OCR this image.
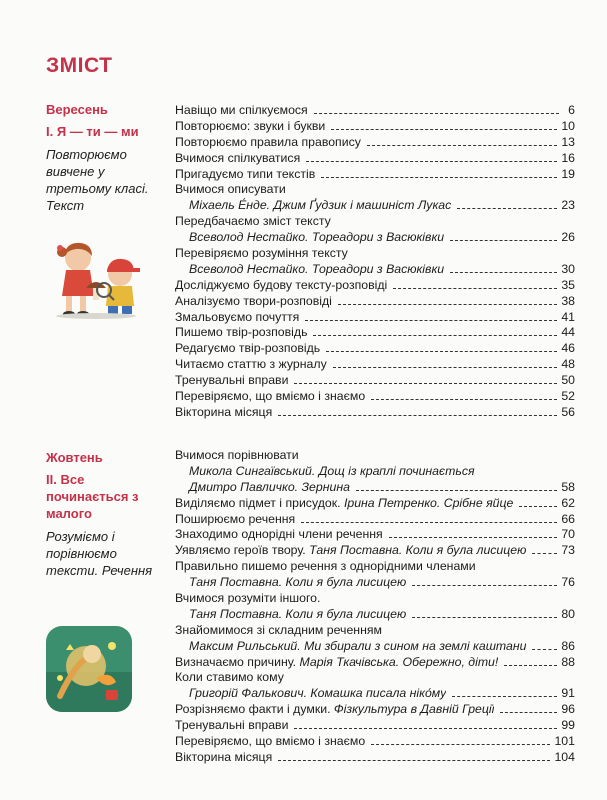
ЗМІСТ
Вересень
І. Я — ти — ми
Повторюємо вивчене у третьому класі. Текст
Навіщо ми спілкуємося	6
Повторюємо: звуки і букви	10
Повторюємо правила правопису	13
Вчимося спілкуватися	16
Пригадуємо типи текстів	19
Вчимося описувати
Міхаель Е́нде. Джим Ґудзик і машиніст Лукас	23
Передбачаємо зміст тексту
Всеволод Нестайко. Тореадори з Васюківки	26
Перевіряємо розуміння тексту
Всеволод Нестайко. Тореадори з Васюківки	30
Досліджуємо будову тексту-розповіді	35
Аналізуємо твори-розповіді	38
Змальовуємо почуття	41
Пишемо твір-розповідь	44
Редагуємо твір-розповідь	46
Читаємо статтю з журналу	48
Тренувальні вправи	50
Перевіряємо, що вміємо і знаємо	52
Вікторина місяця	56
Жовтень
ІІ. Все починається з малого
Розуміємо і порівнюємо тексти. Речення
Вчимося порівнювати
Микола Сингаївський. Дощ із краплі починається
Дмитро Павличко. Зернина	58
Виділяємо підмет і присудок. Ірина Петренко. Срібне яйце	62
Поширюємо речення	66
Знаходимо однорідні члени речення	70
Уявляємо героїв твору. Таня Поставна. Коли я була лисицею	73
Правильно пишемо речення з однорідними членами
Таня Поставна. Коли я була лисицею	76
Вчимося розуміти іншого.
Таня Поставна. Коли я була лисицею	80
Знайомимося зі складним реченням
Максим Рильський. Ми збирали з сином на землі каштани	86
Визначаємо причину. Марія Ткачівська. Обережно, діти!	88
Коли ставимо кому
Григорій Фалькович. Комашка писала ніко́му	91
Розрізняємо факти і думки. Фізкультура в Давній Греції	96
Тренувальні вправи	99
Перевіряємо, що вміємо і знаємо	101
Вікторина місяця	104
